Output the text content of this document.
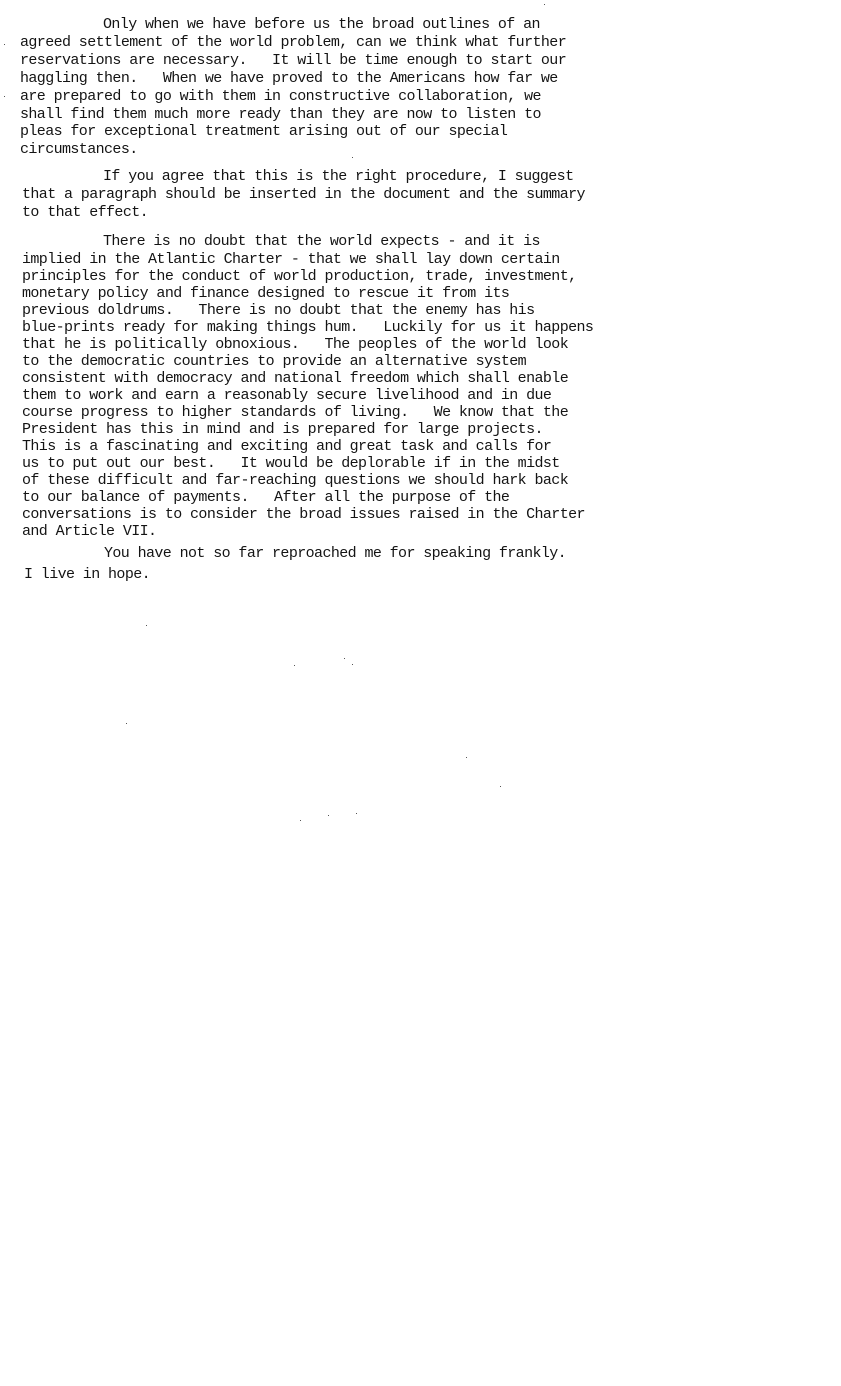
Only when we have before us the broad outlines of an
agreed settlement of the world problem, can we think what further
reservations are necessary.   It will be time enough to start our
haggling then.   When we have proved to the Americans how far we
are prepared to go with them in constructive collaboration, we
shall find them much more ready than they are now to listen to
pleas for exceptional treatment arising out of our special
circumstances.
If you agree that this is the right procedure, I suggest
that a paragraph should be inserted in the document and the summary
to that effect.
There is no doubt that the world expects - and it is
implied in the Atlantic Charter - that we shall lay down certain
principles for the conduct of world production, trade, investment,
monetary policy and finance designed to rescue it from its
previous doldrums.   There is no doubt that the enemy has his
blue-prints ready for making things hum.   Luckily for us it happens
that he is politically obnoxious.   The peoples of the world look
to the democratic countries to provide an alternative system
consistent with democracy and national freedom which shall enable
them to work and earn a reasonably secure livelihood and in due
course progress to higher standards of living.   We know that the
President has this in mind and is prepared for large projects.
This is a fascinating and exciting and great task and calls for
us to put out our best.   It would be deplorable if in the midst
of these difficult and far-reaching questions we should hark back
to our balance of payments.   After all the purpose of the
conversations is to consider the broad issues raised in the Charter
and Article VII.
You have not so far reproached me for speaking frankly.
I live in hope.
